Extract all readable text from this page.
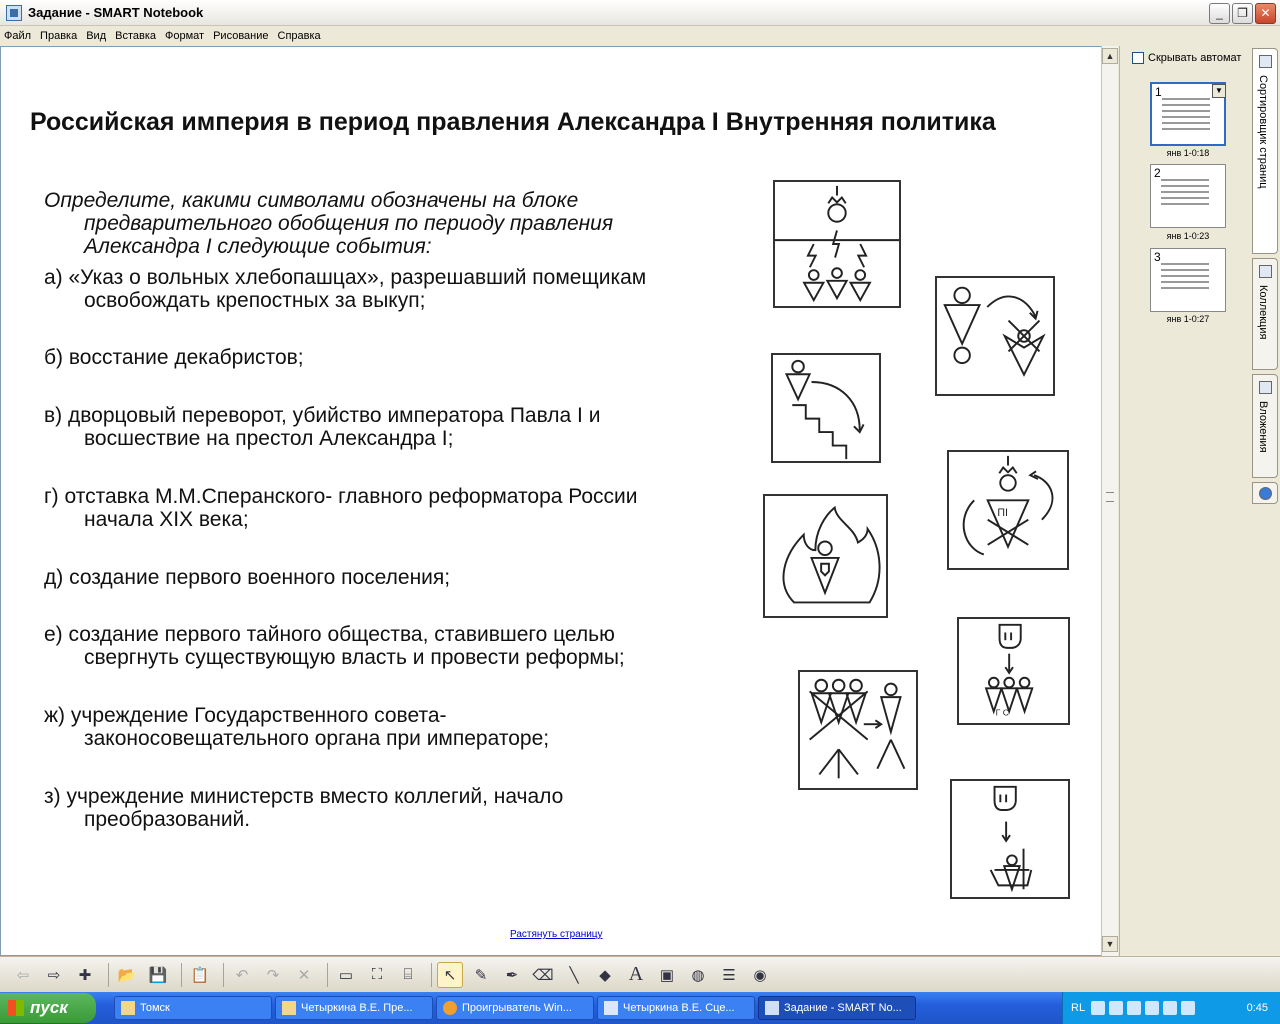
Задание - SMART Notebook	_	❐	✕
Файл Правка Вид Вставка Формат Рисование Справка
Российская империя в период правления Александра I Внутренняя политика
Определите, какими символами обозначены на блоке
предварительного обобщения по периоду правления
Александра I следующие события:
а) «Указ о вольных хлебопашцах», разрешавший помещикам
освобождать крепостных за выкуп;
б) восстание декабристов;
в) дворцовый переворот, убийство императора Павла I и
восшествие на престол Александра I;
г) отставка М.М.Сперанского- главного реформатора России
начала XIX века;
д) создание первого военного поселения;
е) создание первого тайного общества, ставившего целью
свергнуть существующую власть и провести реформы;
ж) учреждение Государственного совета-
законосовещательного органа при императоре;
з) учреждение министерств вместо коллегий, начало
преобразований.
ПI
Г С
Растянуть страницу
▲
▼
Скрывать автомат
1	▼
янв 1-0:18
2
янв 1-0:23
3
янв 1-0:27
Сортировщик страниц
Коллекция
Вложения
⇦	⇨	✚	📂 💾 📋	↶	↷	✕	▭	⛶	⌸	↖	✎	✒ ⌫	╲	◆ A	▣	◍	☰	◉
пуск	Томск	Четыркина В.Е. Пре...	Проигрыватель Win...	Четыркина В.Е. Сце...	Задание - SMART No...	RL	0:45
